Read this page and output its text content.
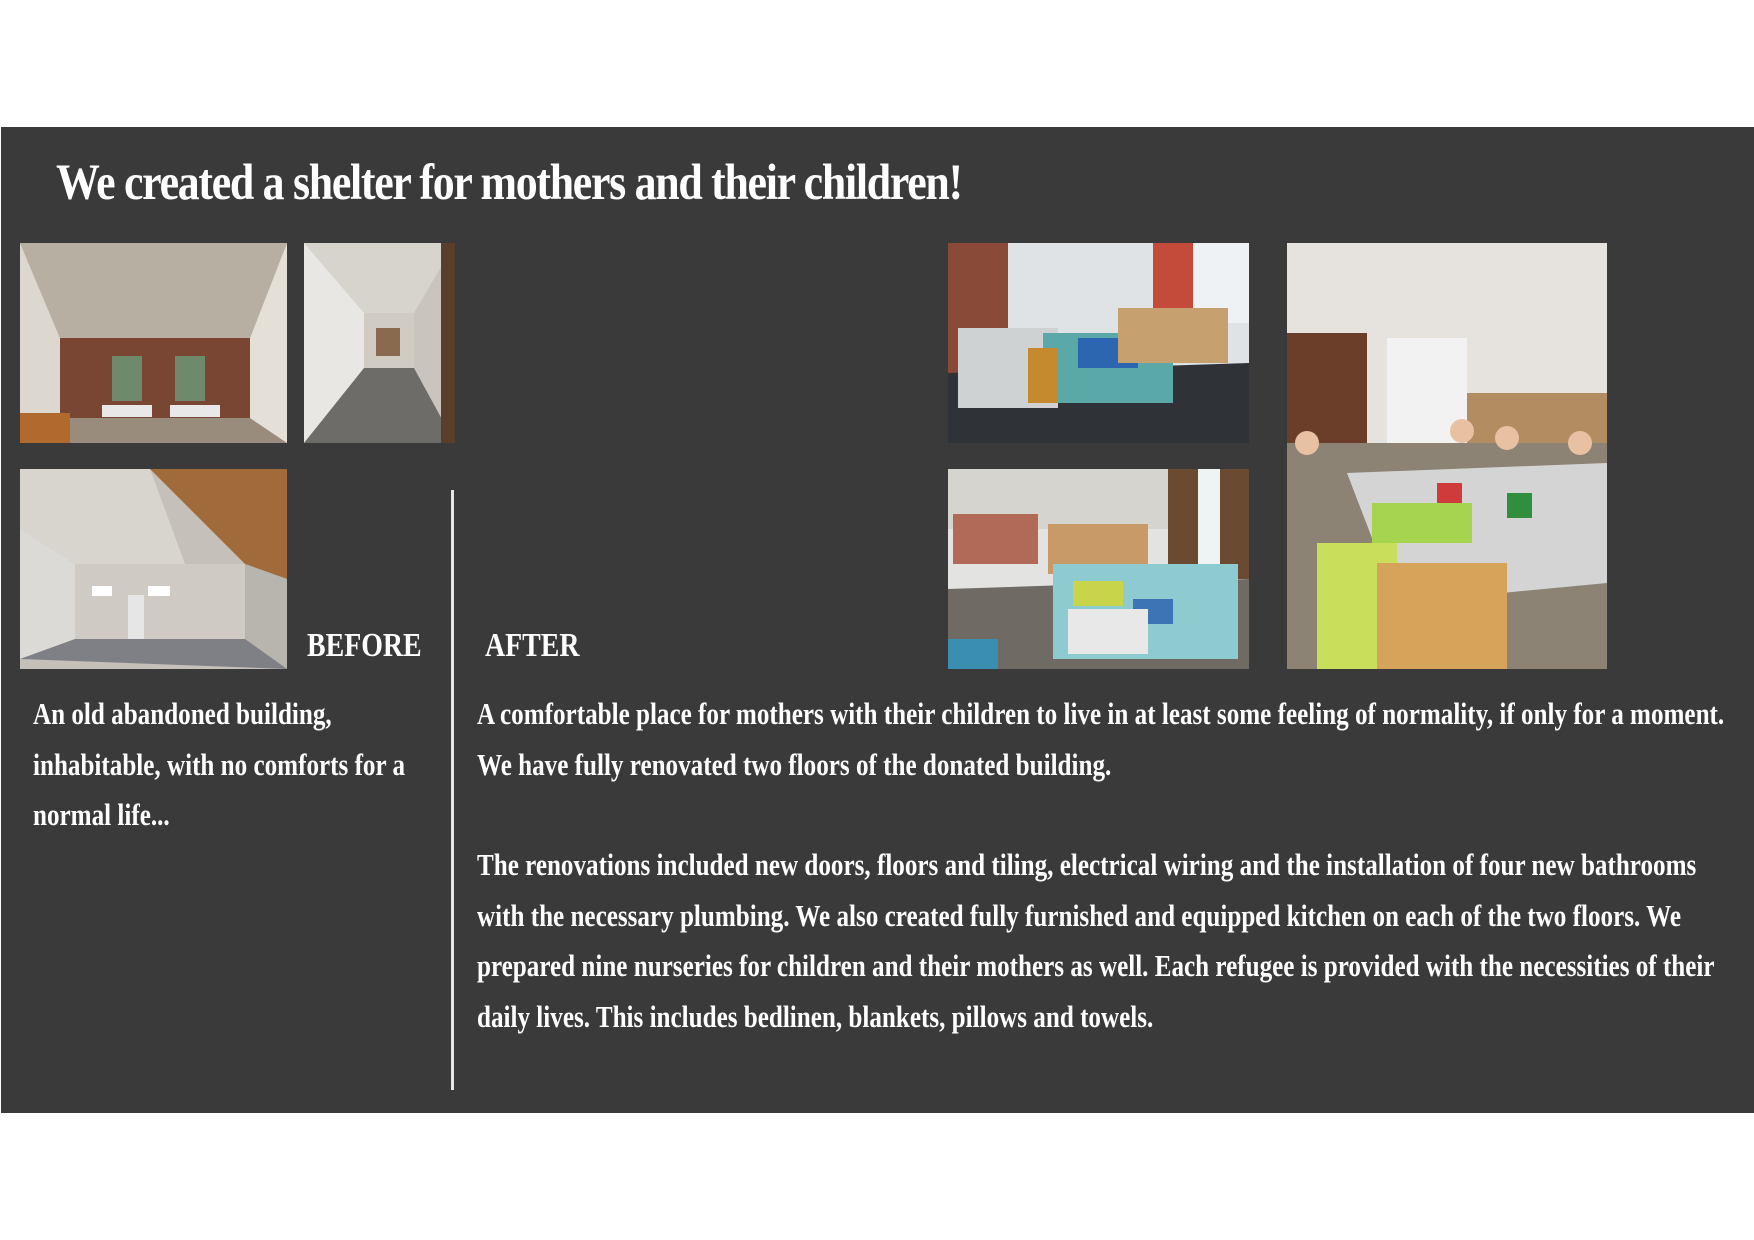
We created a shelter for mothers and their children!
BEFORE AFTER

An old abandoned building, inhabitable, with no comforts for a normal life...

A comfortable place for mothers with their children to live in at least some feeling of normality, if only for a moment. We have fully renovated two floors of the donated building.

The renovations included new doors, floors and tiling, electrical wiring and the installation of four new bathrooms with the necessary plumbing. We also created fully furnished and equipped kitchen on each of the two floors. We prepared nine nurseries for children and their mothers as well. Each refugee is provided with the necessities of their daily lives. This includes bedlinen, blankets, pillows and towels.
